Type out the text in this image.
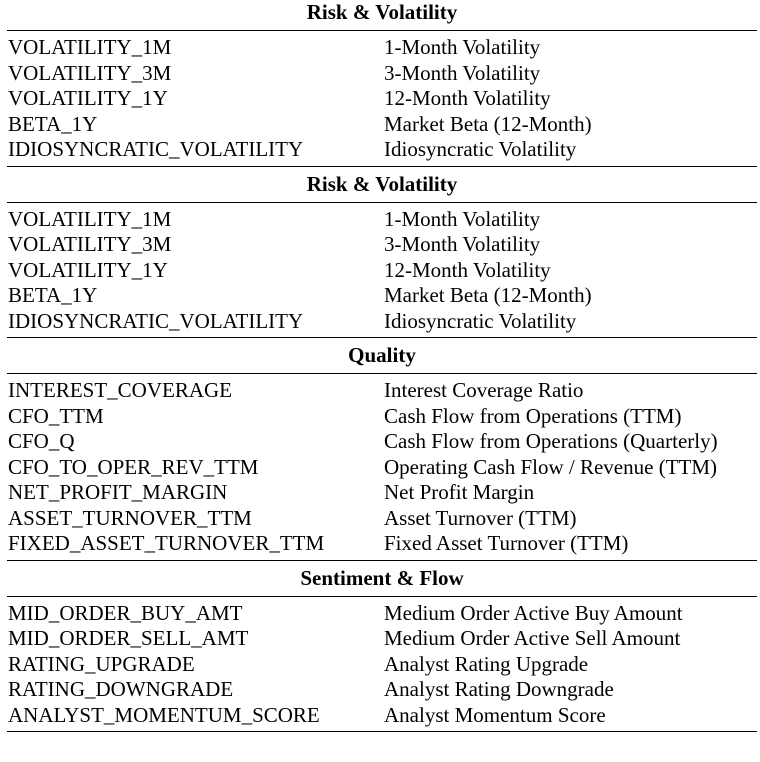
Risk & Volatility
VOLATILITY_1M	1-Month Volatility
VOLATILITY_3M	3-Month Volatility
VOLATILITY_1Y	12-Month Volatility
BETA_1Y	Market Beta (12-Month)
IDIOSYNCRATIC_VOLATILITY	Idiosyncratic Volatility
Risk & Volatility
VOLATILITY_1M	1-Month Volatility
VOLATILITY_3M	3-Month Volatility
VOLATILITY_1Y	12-Month Volatility
BETA_1Y	Market Beta (12-Month)
IDIOSYNCRATIC_VOLATILITY	Idiosyncratic Volatility
Quality
INTEREST_COVERAGE	Interest Coverage Ratio
CFO_TTM	Cash Flow from Operations (TTM)
CFO_Q	Cash Flow from Operations (Quarterly)
CFO_TO_OPER_REV_TTM	Operating Cash Flow / Revenue (TTM)
NET_PROFIT_MARGIN	Net Profit Margin
ASSET_TURNOVER_TTM	Asset Turnover (TTM)
FIXED_ASSET_TURNOVER_TTM	Fixed Asset Turnover (TTM)
Sentiment & Flow
MID_ORDER_BUY_AMT	Medium Order Active Buy Amount
MID_ORDER_SELL_AMT	Medium Order Active Sell Amount
RATING_UPGRADE	Analyst Rating Upgrade
RATING_DOWNGRADE	Analyst Rating Downgrade
ANALYST_MOMENTUM_SCORE	Analyst Momentum Score
